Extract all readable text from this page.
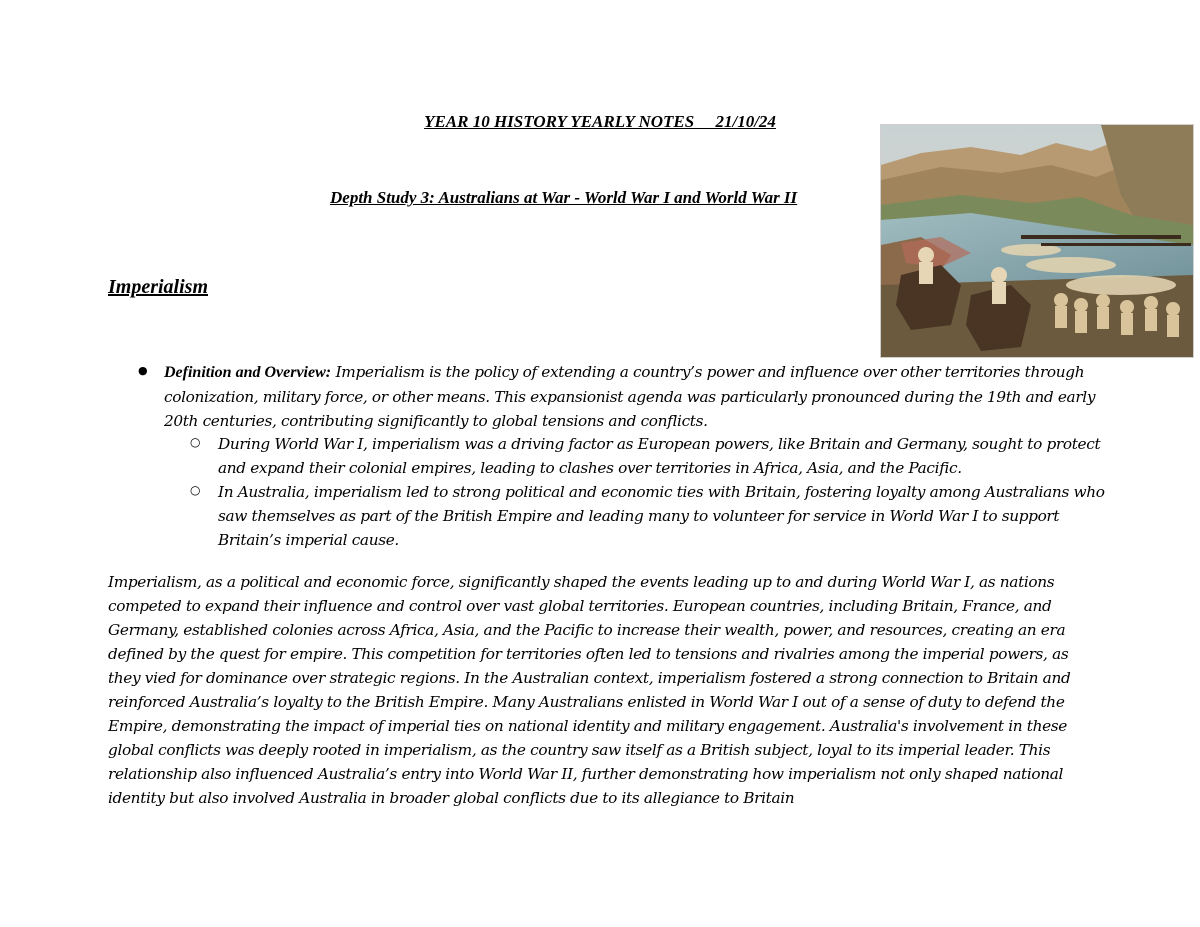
YEAR 10 HISTORY YEARLY NOTES     21/10/24
Depth Study 3: Australians at War - World War I and World War II
Imperialism
● Definition and Overview: Imperialism is the policy of extending a country’s power and influence over other territories through colonization, military force, or other means. This expansionist agenda was particularly pronounced during the 19th and early 20th centuries, contributing significantly to global tensions and conflicts.
○ During World War I, imperialism was a driving factor as European powers, like Britain and Germany, sought to protect and expand their colonial empires, leading to clashes over territories in Africa, Asia, and the Pacific.
○ In Australia, imperialism led to strong political and economic ties with Britain, fostering loyalty among Australians who saw themselves as part of the British Empire and leading many to volunteer for service in World War I to support Britain’s imperial cause.
Imperialism, as a political and economic force, significantly shaped the events leading up to and during World War I, as nations competed to expand their influence and control over vast global territories. European countries, including Britain, France, and Germany, established colonies across Africa, Asia, and the Pacific to increase their wealth, power, and resources, creating an era defined by the quest for empire. This competition for territories often led to tensions and rivalries among the imperial powers, as they vied for dominance over strategic regions. In the Australian context, imperialism fostered a strong connection to Britain and reinforced Australia’s loyalty to the British Empire. Many Australians enlisted in World War I out of a sense of duty to defend the Empire, demonstrating the impact of imperial ties on national identity and military engagement. Australia's involvement in these global conflicts was deeply rooted in imperialism, as the country saw itself as a British subject, loyal to its imperial leader. This relationship also influenced Australia’s entry into World War II, further demonstrating how imperialism not only shaped national identity but also involved Australia in broader global conflicts due to its allegiance to Britain
